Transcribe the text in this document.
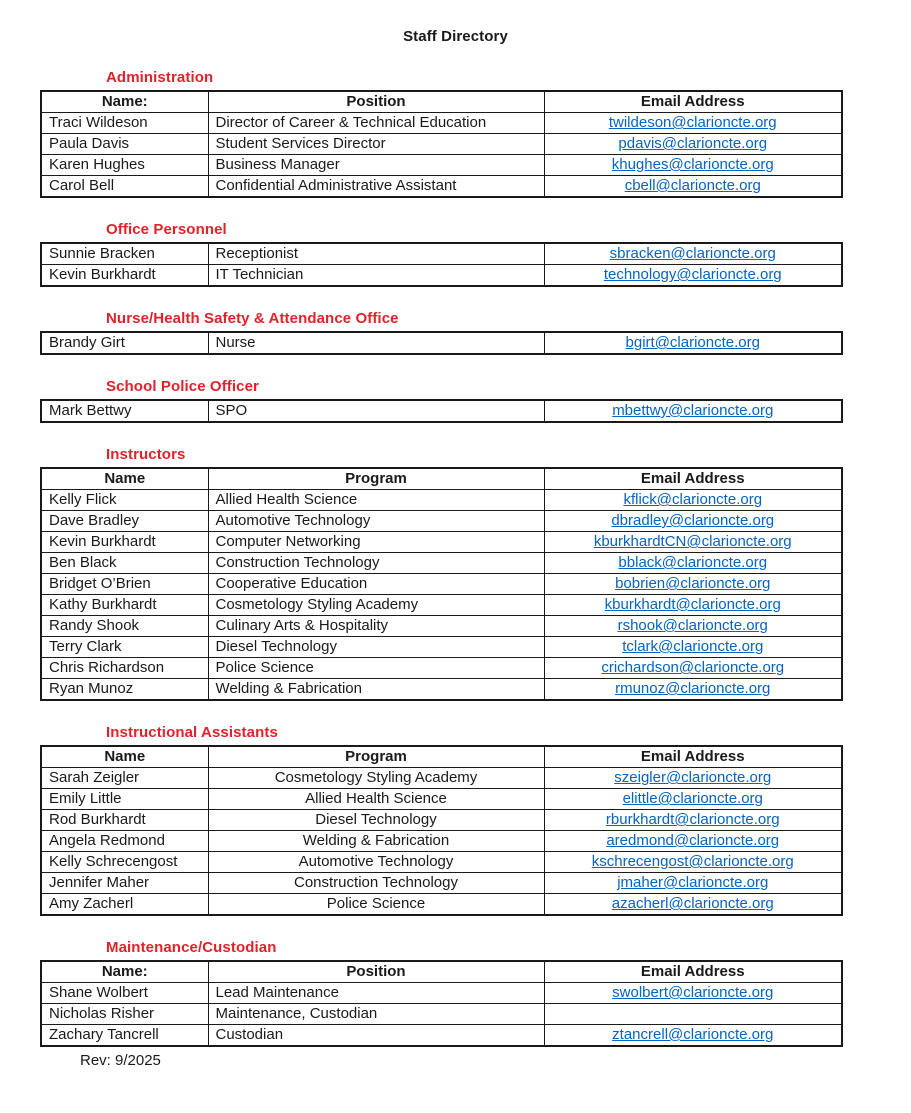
Staff Directory
Administration
Name:	Position	Email Address
Traci Wildeson	Director of Career & Technical Education	twildeson@clarioncte.org
Paula Davis	Student Services Director	pdavis@clarioncte.org
Karen Hughes	Business Manager	khughes@clarioncte.org
Carol Bell	Confidential Administrative Assistant	cbell@clarioncte.org
Office Personnel
Sunnie Bracken	Receptionist	sbracken@clarioncte.org
Kevin Burkhardt	IT Technician	technology@clarioncte.org
Nurse/Health Safety & Attendance Office
Brandy Girt	Nurse	bgirt@clarioncte.org
School Police Officer
Mark Bettwy	SPO	mbettwy@clarioncte.org
Instructors
Name	Program	Email Address
Kelly Flick	Allied Health Science	kflick@clarioncte.org
Dave Bradley	Automotive Technology	dbradley@clarioncte.org
Kevin Burkhardt	Computer Networking	kburkhardtCN@clarioncte.org
Ben Black	Construction Technology	bblack@clarioncte.org
Bridget O’Brien	Cooperative Education	bobrien@clarioncte.org
Kathy Burkhardt	Cosmetology Styling Academy	kburkhardt@clarioncte.org
Randy Shook	Culinary Arts & Hospitality	rshook@clarioncte.org
Terry Clark	Diesel Technology	tclark@clarioncte.org
Chris Richardson	Police Science	crichardson@clarioncte.org
Ryan Munoz	Welding & Fabrication	rmunoz@clarioncte.org
Instructional Assistants
Name	Program	Email Address
Sarah Zeigler	Cosmetology Styling Academy	szeigler@clarioncte.org
Emily Little	Allied Health Science	elittle@clarioncte.org
Rod Burkhardt	Diesel Technology	rburkhardt@clarioncte.org
Angela Redmond	Welding & Fabrication	aredmond@clarioncte.org
Kelly Schrecengost	Automotive Technology	kschrecengost@clarioncte.org
Jennifer Maher	Construction Technology	jmaher@clarioncte.org
Amy Zacherl	Police Science	azacherl@clarioncte.org
Maintenance/Custodian
Name:	Position	Email Address
Shane Wolbert	Lead Maintenance	swolbert@clarioncte.org
Nicholas Risher	Maintenance, Custodian	
Zachary Tancrell	Custodian	ztancrell@clarioncte.org
Rev: 9/2025
